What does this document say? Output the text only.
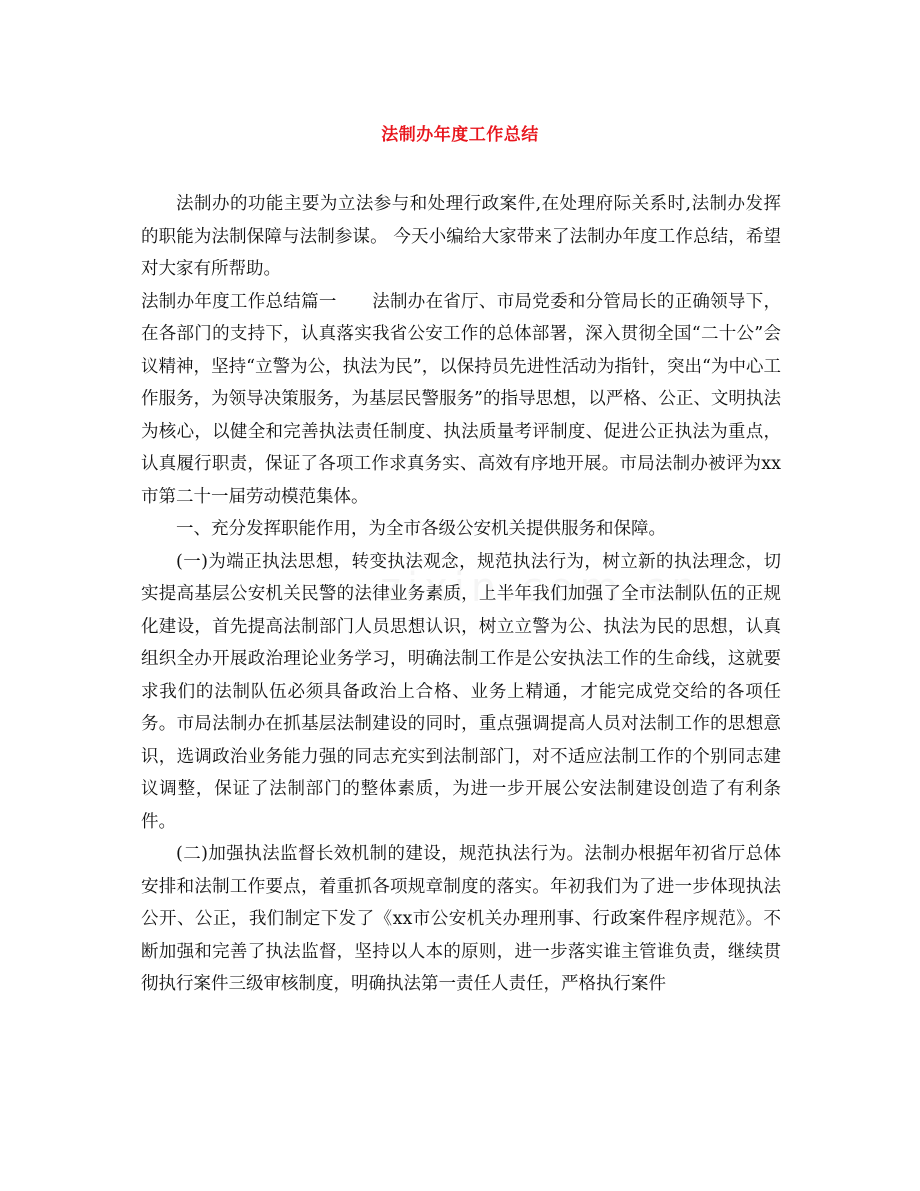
法制办年度工作总结

法制办的功能主要为立法参与和处理行政案件,在处理府际关系时,法制办发挥的职能为法制保障与法制参谋。 今天小编给大家带来了法制办年度工作总结，希望对大家有所帮助。

法制办年度工作总结篇一　　法制办在省厅、市局党委和分管局长的正确领导下，在各部门的支持下，认真落实我省公安工作的总体部署，深入贯彻全国“二十公”会议精神，坚持“立警为公，执法为民”，以保持员先进性活动为指针，突出“为中心工作服务，为领导决策服务，为基层民警服务”的指导思想，以严格、公正、文明执法为核心，以健全和完善执法责任制度、执法质量考评制度、促进公正执法为重点，认真履行职责，保证了各项工作求真务实、高效有序地开展。市局法制办被评为xx市第二十一届劳动模范集体。

一、充分发挥职能作用，为全市各级公安机关提供服务和保障。

(一)为端正执法思想，转变执法观念，规范执法行为，树立新的执法理念，切实提高基层公安机关民警的法律业务素质，上半年我们加强了全市法制队伍的正规化建设，首先提高法制部门人员思想认识，树立立警为公、执法为民的思想，认真组织全办开展政治理论业务学习，明确法制工作是公安执法工作的生命线，这就要求我们的法制队伍必须具备政治上合格、业务上精通，才能完成党交给的各项任务。市局法制办在抓基层法制建设的同时，重点强调提高人员对法制工作的思想意识，选调政治业务能力强的同志充实到法制部门，对不适应法制工作的个别同志建议调整，保证了法制部门的整体素质，为进一步开展公安法制建设创造了有利条件。

(二)加强执法监督长效机制的建设，规范执法行为。法制办根据年初省厅总体安排和法制工作要点，着重抓各项规章制度的落实。年初我们为了进一步体现执法公开、公正，我们制定下发了《xx市公安机关办理刑事、行政案件程序规范》。不断加强和完善了执法监督，坚持以人本的原则，进一步落实谁主管谁负责，继续贯彻执行案件三级审核制度，明确执法第一责任人责任，严格执行案件
